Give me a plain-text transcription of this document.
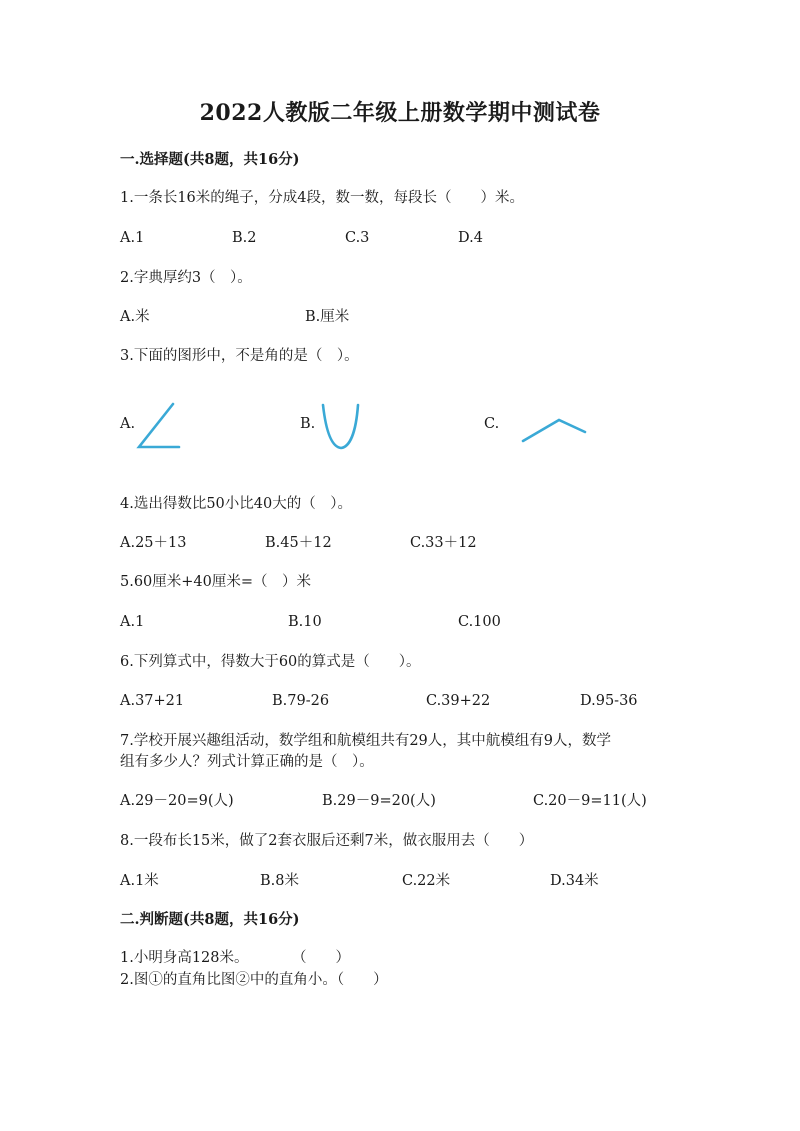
2022人教版二年级上册数学期中测试卷
一.选择题(共8题，共16分)
1.一条长16米的绳子，分成4段，数一数，每段长（　　）米。
A.1	B.2	C.3	D.4
2.字典厚约3（　）。
A.米	B.厘米
3.下面的图形中，不是角的是（　）。
A.	B.	C.
4.选出得数比50小比40大的（　）。
A.25＋13	B.45＋12	C.33＋12
5.60厘米+40厘米=（　）米
A.1	B.10	C.100
6.下列算式中，得数大于60的算式是（　　）。
A.37+21	B.79-26	C.39+22	D.95-36
7.学校开展兴趣组活动，数学组和航模组共有29人，其中航模组有9人，数学
组有多少人？列式计算正确的是（　）。
A.29－20=9(人)	B.29－9=20(人)	C.20－9=11(人)
8.一段布长15米，做了2套衣服后还剩7米，做衣服用去（　　）
A.1米	B.8米	C.22米	D.34米
二.判断题(共8题，共16分)
1.小明身高128米。　　　　（　　）
2.图①的直角比图②中的直角小。（　　）
